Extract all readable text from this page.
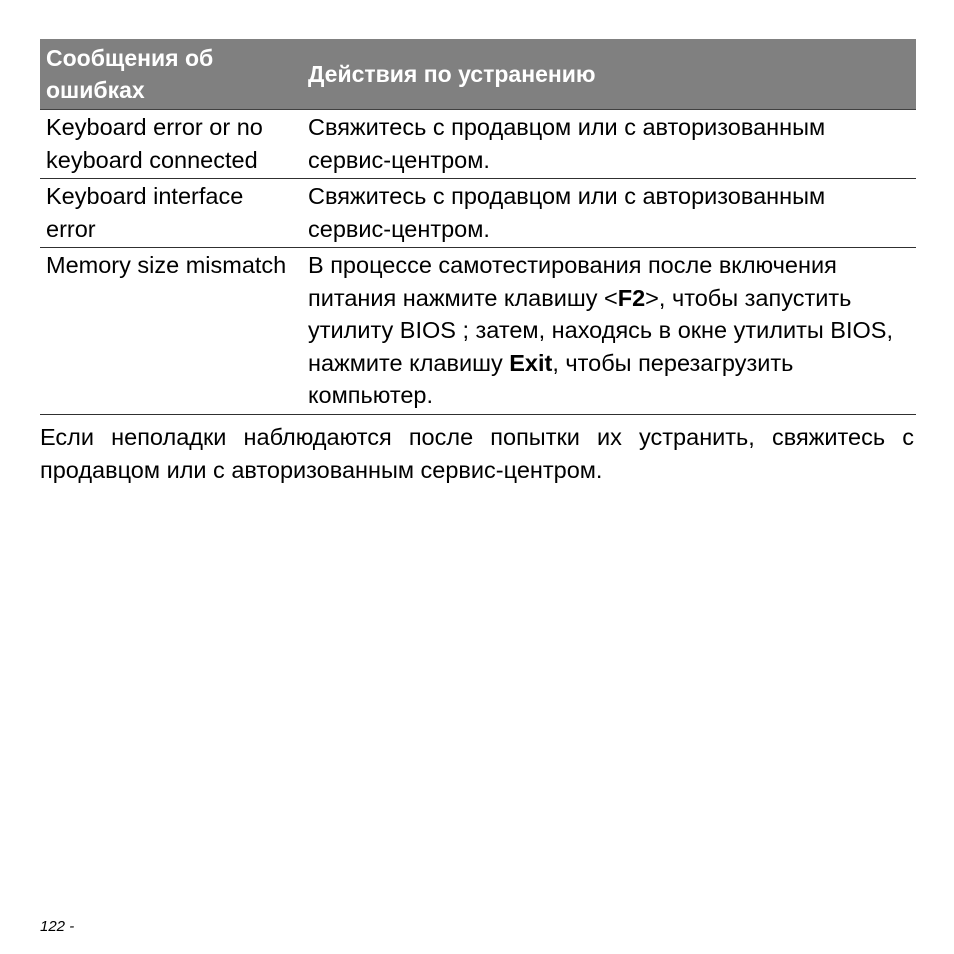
Сообщения об ошибках	Действия по устранению
Keyboard error or no keyboard connected	Свяжитесь с продавцом или с авторизованным сервис-центром.
Keyboard interface error	Свяжитесь с продавцом или с авторизованным сервис-центром.
Memory size mismatch	В процессе самотестирования после включения питания нажмите клавишу <F2>, чтобы запустить утилиту BIOS ; затем, находясь в окне утилиты BIOS, нажмите клавишу Exit, чтобы перезагрузить компьютер.

Если неполадки наблюдаются после попытки их устранить, свяжитесь с продавцом или с авторизованным сервис-центром.

122 -
